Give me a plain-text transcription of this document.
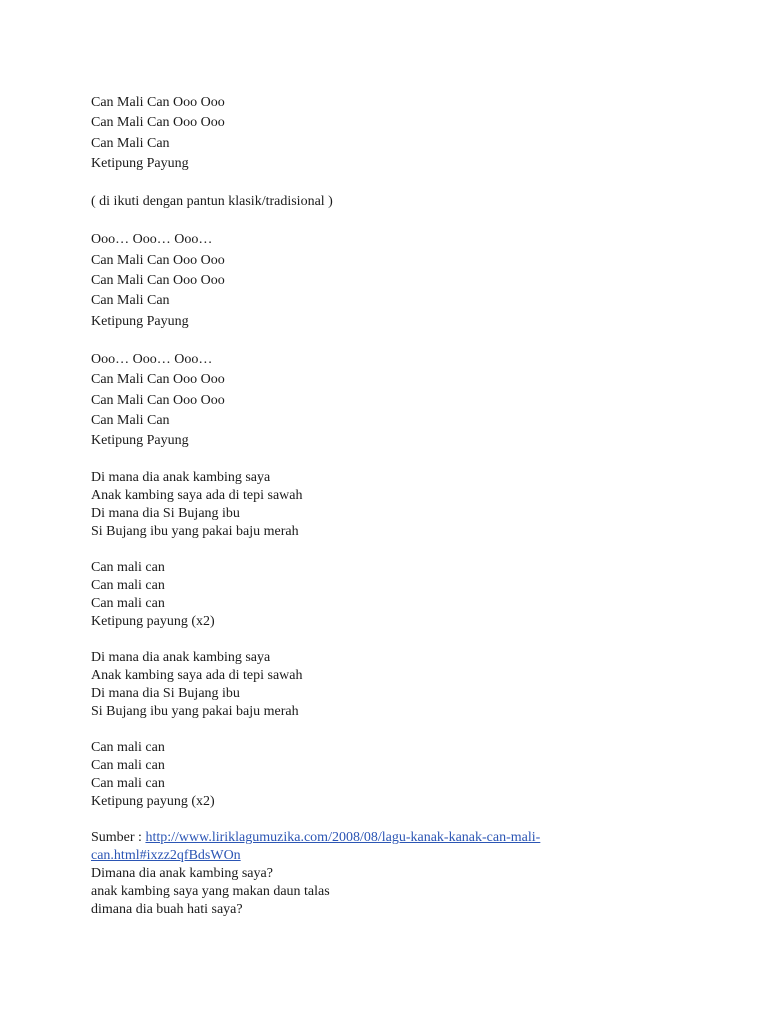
Can Mali Can Ooo Ooo
Can Mali Can Ooo Ooo
Can Mali Can
Ketipung Payung
( di ikuti dengan pantun klasik/tradisional )
Ooo… Ooo… Ooo…
Can Mali Can Ooo Ooo
Can Mali Can Ooo Ooo
Can Mali Can
Ketipung Payung
Ooo… Ooo… Ooo…
Can Mali Can Ooo Ooo
Can Mali Can Ooo Ooo
Can Mali Can
Ketipung Payung
Di mana dia anak kambing saya
Anak kambing saya ada di tepi sawah
Di mana dia Si Bujang ibu
Si Bujang ibu yang pakai baju merah
Can mali can
Can mali can
Can mali can
Ketipung payung (x2)
Di mana dia anak kambing saya
Anak kambing saya ada di tepi sawah
Di mana dia Si Bujang ibu
Si Bujang ibu yang pakai baju merah
Can mali can
Can mali can
Can mali can
Ketipung payung (x2)
Sumber : http://www.liriklagumuzika.com/2008/08/lagu-kanak-kanak-can-mali-
can.html#ixzz2qfBdsWOn
Dimana dia anak kambing saya?
anak kambing saya yang makan daun talas
dimana dia buah hati saya?
